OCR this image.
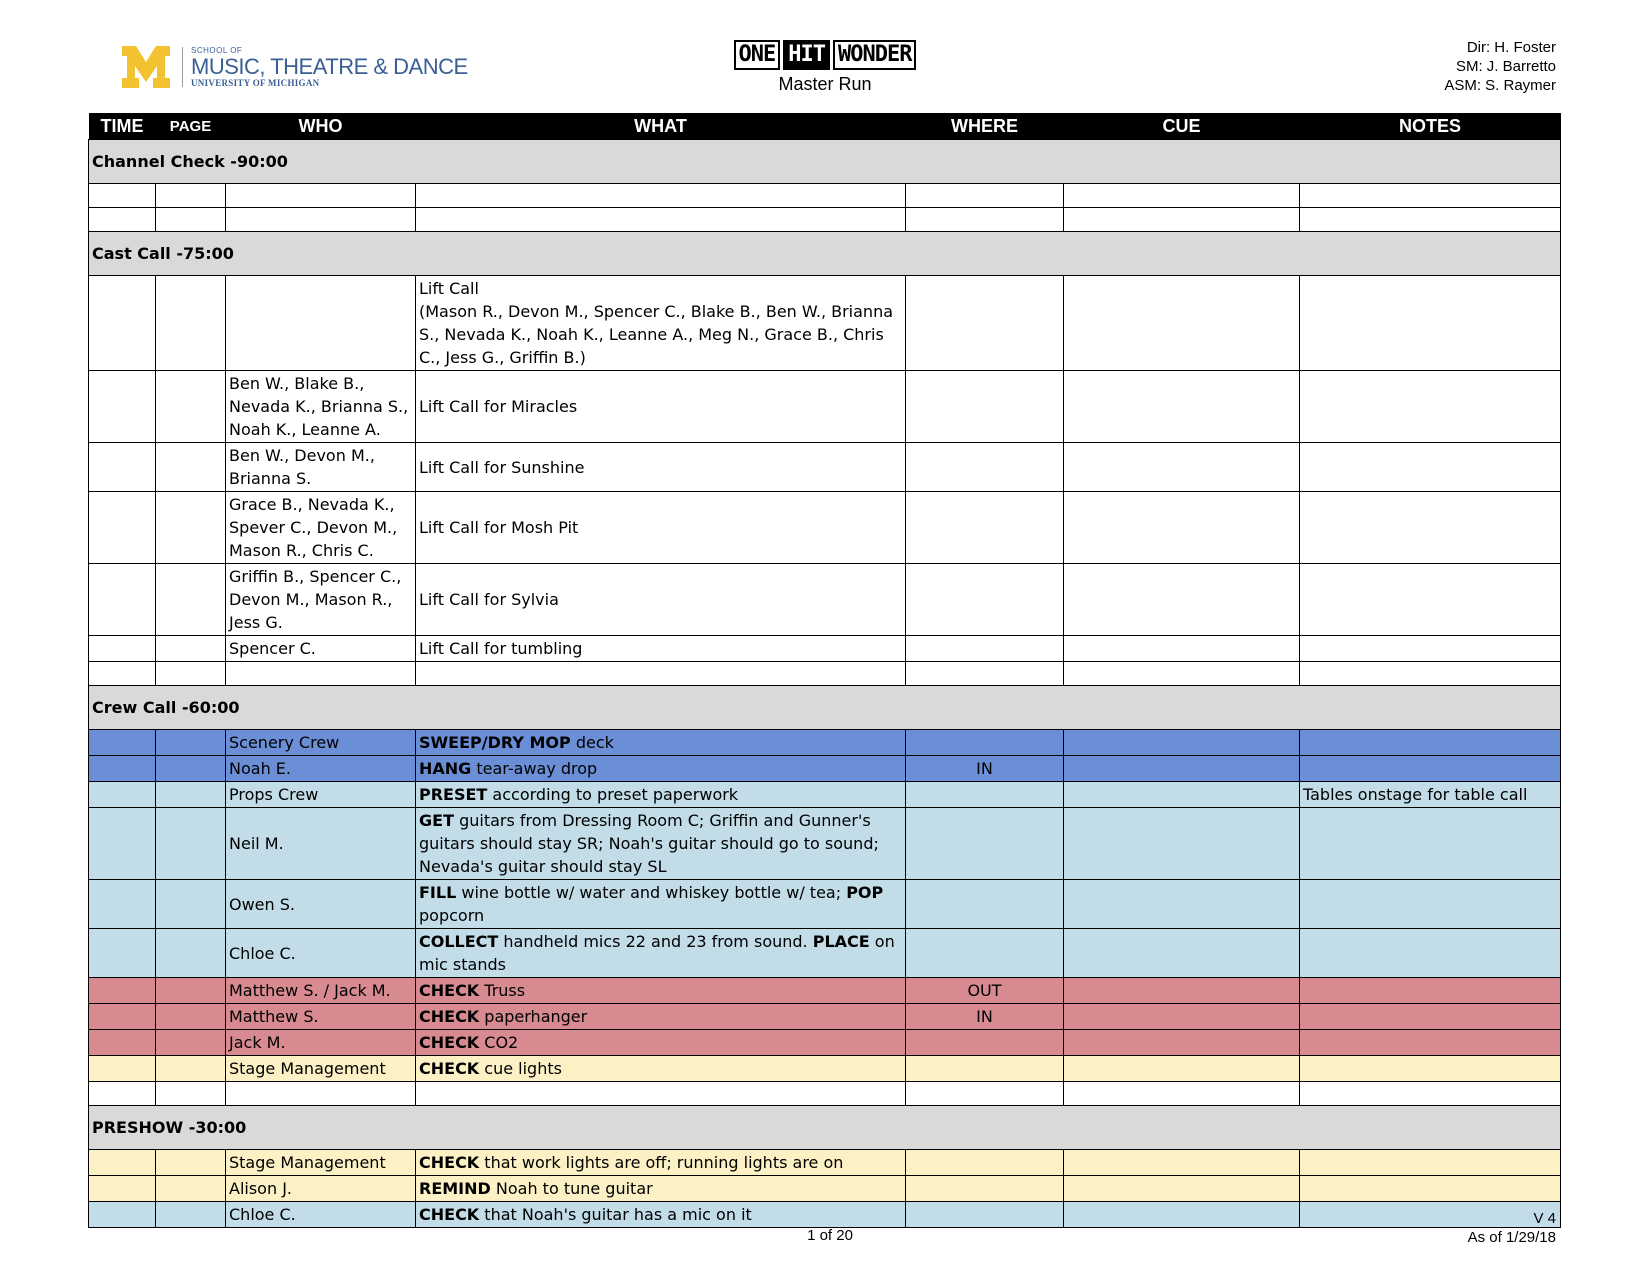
SCHOOL OF
MUSIC, THEATRE & DANCE
UNIVERSITY OF MICHIGAN
ONE HIT WONDER
Master Run
Dir: H. Foster
SM: J. Barretto
ASM: S. Raymer
TIME	PAGE	WHO	WHAT	WHERE	CUE	NOTES
Channel Check -90:00						

Cast Call -75:00						
			Lift Call
(Mason R., Devon M., Spencer C., Blake B., Ben W., Brianna S., Nevada K., Noah K., Leanne A., Meg N., Grace B., Chris C., Jess G., Griffin B.)			
		Ben W., Blake B., Nevada K., Brianna S., Noah K., Leanne A.	Lift Call for Miracles			
		Ben W., Devon M., Brianna S.	Lift Call for Sunshine			
		Grace B., Nevada K., Spever C., Devon M., Mason R., Chris C.	Lift Call for Mosh Pit			
		Griffin B., Spencer C., Devon M., Mason R., Jess G.	Lift Call for Sylvia			
		Spencer C.	Lift Call for tumbling			

Crew Call -60:00						
		Scenery Crew	SWEEP/DRY MOP deck			
		Noah E.	HANG tear-away drop	IN		
		Props Crew	PRESET according to preset paperwork			Tables onstage for table call
		Neil M.	GET guitars from Dressing Room C; Griffin and Gunner's guitars should stay SR; Noah's guitar should go to sound; Nevada's guitar should stay SL			
		Owen S.	FILL wine bottle w/ water and whiskey bottle w/ tea; POP popcorn			
		Chloe C.	COLLECT handheld mics 22 and 23 from sound. PLACE on mic stands			
		Matthew S. / Jack M.	CHECK Truss	OUT		
		Matthew S.	CHECK paperhanger	IN		
		Jack M.	CHECK CO2			
		Stage Management	CHECK cue lights			

PRESHOW -30:00						
		Stage Management	CHECK that work lights are off; running lights are on			
		Alison J.	REMIND Noah to tune guitar			
		Chloe C.	CHECK that Noah's guitar has a mic on it			
1 of 20
V 4
As of 1/29/18
